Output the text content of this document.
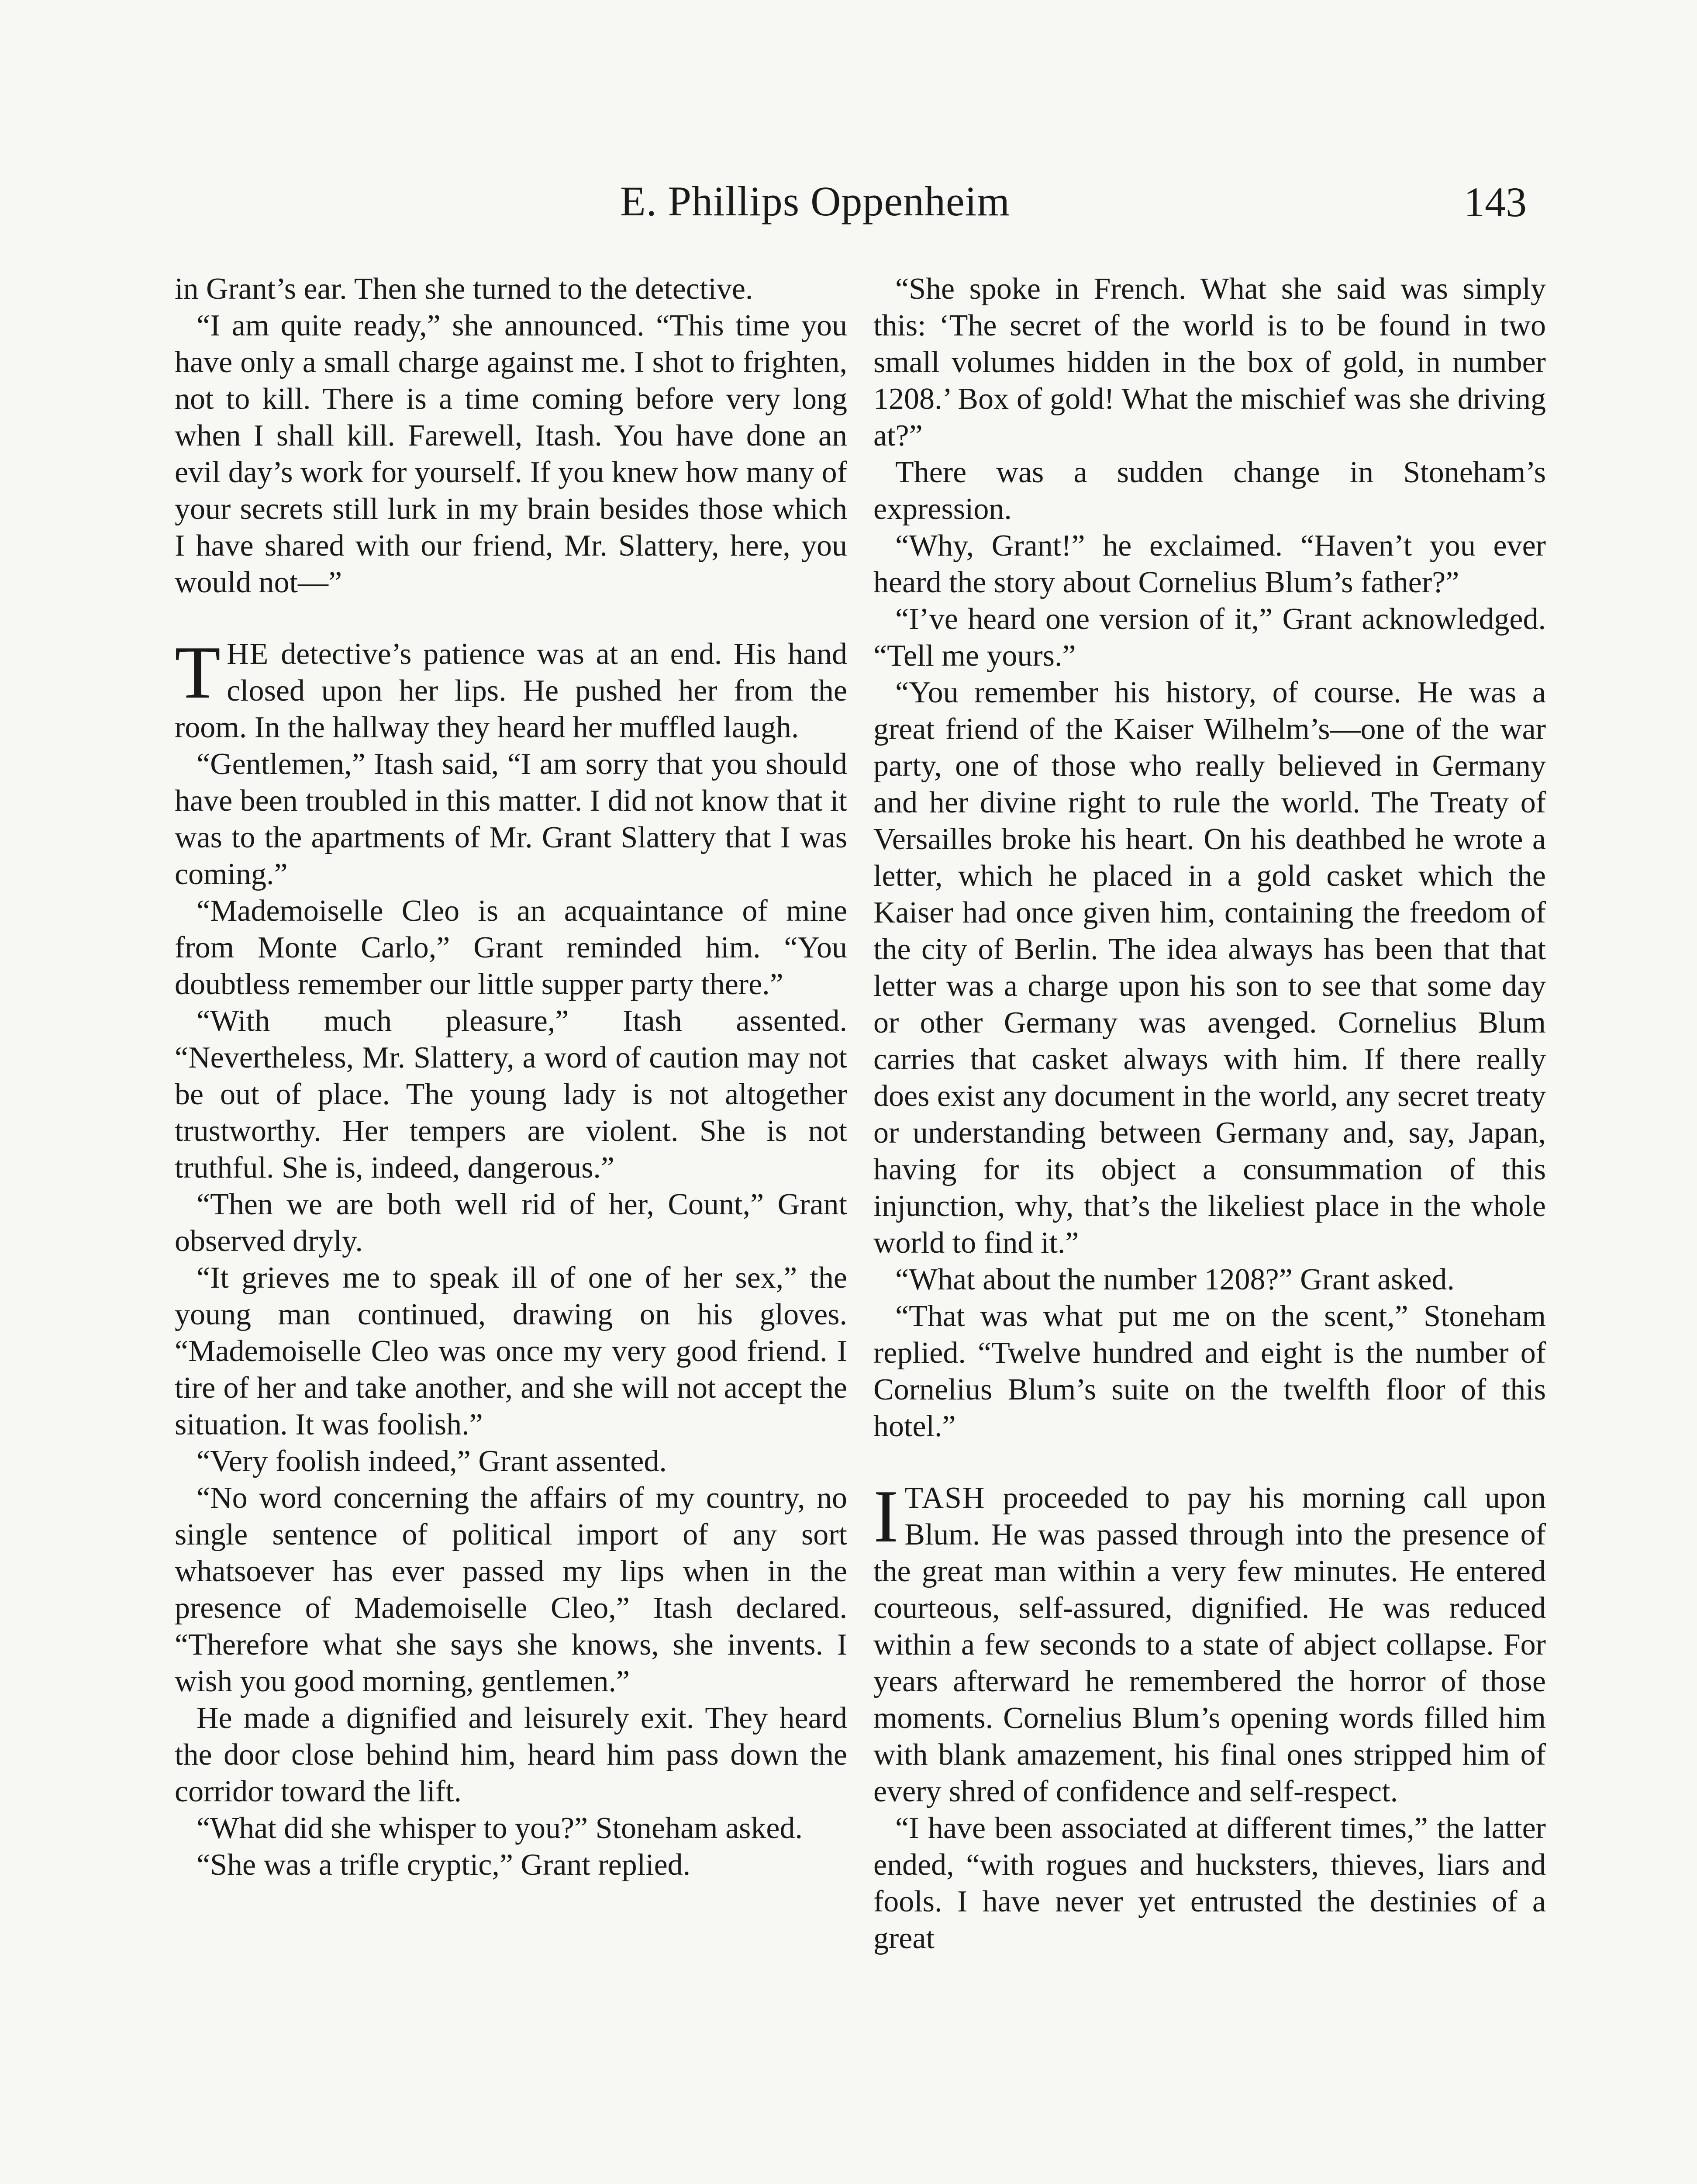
E. Phillips Oppenheim	143

in Grant’s ear. Then she turned to the detective.

“I am quite ready,” she announced. “This time you have only a small charge against me. I shot to frighten, not to kill. There is a time coming before very long when I shall kill. Farewell, Itash. You have done an evil day’s work for yourself. If you knew how many of your secrets still lurk in my brain besides those which I have shared with our friend, Mr. Slattery, here, you would not—”

THE detective’s patience was at an end. His hand closed upon her lips. He pushed her from the room. In the hallway they heard her muffled laugh.

“Gentlemen,” Itash said, “I am sorry that you should have been troubled in this matter. I did not know that it was to the apartments of Mr. Grant Slattery that I was coming.”

“Mademoiselle Cleo is an acquaintance of mine from Monte Carlo,” Grant reminded him. “You doubtless remember our little supper party there.”

“With much pleasure,” Itash assented. “Nevertheless, Mr. Slattery, a word of caution may not be out of place. The young lady is not altogether trustworthy. Her tempers are violent. She is not truthful. She is, indeed, dangerous.”

“Then we are both well rid of her, Count,” Grant observed dryly.

“It grieves me to speak ill of one of her sex,” the young man continued, drawing on his gloves. “Mademoiselle Cleo was once my very good friend. I tire of her and take another, and she will not accept the situation. It was foolish.”

“Very foolish indeed,” Grant assented.

“No word concerning the affairs of my country, no single sentence of political import of any sort whatsoever has ever passed my lips when in the presence of Mademoiselle Cleo,” Itash declared. “Therefore what she says she knows, she invents. I wish you good morning, gentlemen.”

He made a dignified and leisurely exit. They heard the door close behind him, heard him pass down the corridor toward the lift.

“What did she whisper to you?” Stoneham asked.

“She was a trifle cryptic,” Grant replied.

“She spoke in French. What she said was simply this: ‘The secret of the world is to be found in two small volumes hidden in the box of gold, in number 1208.’ Box of gold! What the mischief was she driving at?”

There was a sudden change in Stoneham’s expression.

“Why, Grant!” he exclaimed. “Haven’t you ever heard the story about Cornelius Blum’s father?”

“I’ve heard one version of it,” Grant acknowledged. “Tell me yours.”

“You remember his history, of course. He was a great friend of the Kaiser Wilhelm’s—one of the war party, one of those who really believed in Germany and her divine right to rule the world. The Treaty of Versailles broke his heart. On his deathbed he wrote a letter, which he placed in a gold casket which the Kaiser had once given him, containing the freedom of the city of Berlin. The idea always has been that that letter was a charge upon his son to see that some day or other Germany was avenged. Cornelius Blum carries that casket always with him. If there really does exist any document in the world, any secret treaty or understanding between Germany and, say, Japan, having for its object a consummation of this injunction, why, that’s the likeliest place in the whole world to find it.”

“What about the number 1208?” Grant asked.

“That was what put me on the scent,” Stoneham replied. “Twelve hundred and eight is the number of Cornelius Blum’s suite on the twelfth floor of this hotel.”

ITASH proceeded to pay his morning call upon Blum. He was passed through into the presence of the great man within a very few minutes. He entered courteous, self-assured, dignified. He was reduced within a few seconds to a state of abject collapse. For years afterward he remembered the horror of those moments. Cornelius Blum’s opening words filled him with blank amazement, his final ones stripped him of every shred of confidence and self-respect.

“I have been associated at different times,” the latter ended, “with rogues and hucksters, thieves, liars and fools. I have never yet entrusted the destinies of a great
